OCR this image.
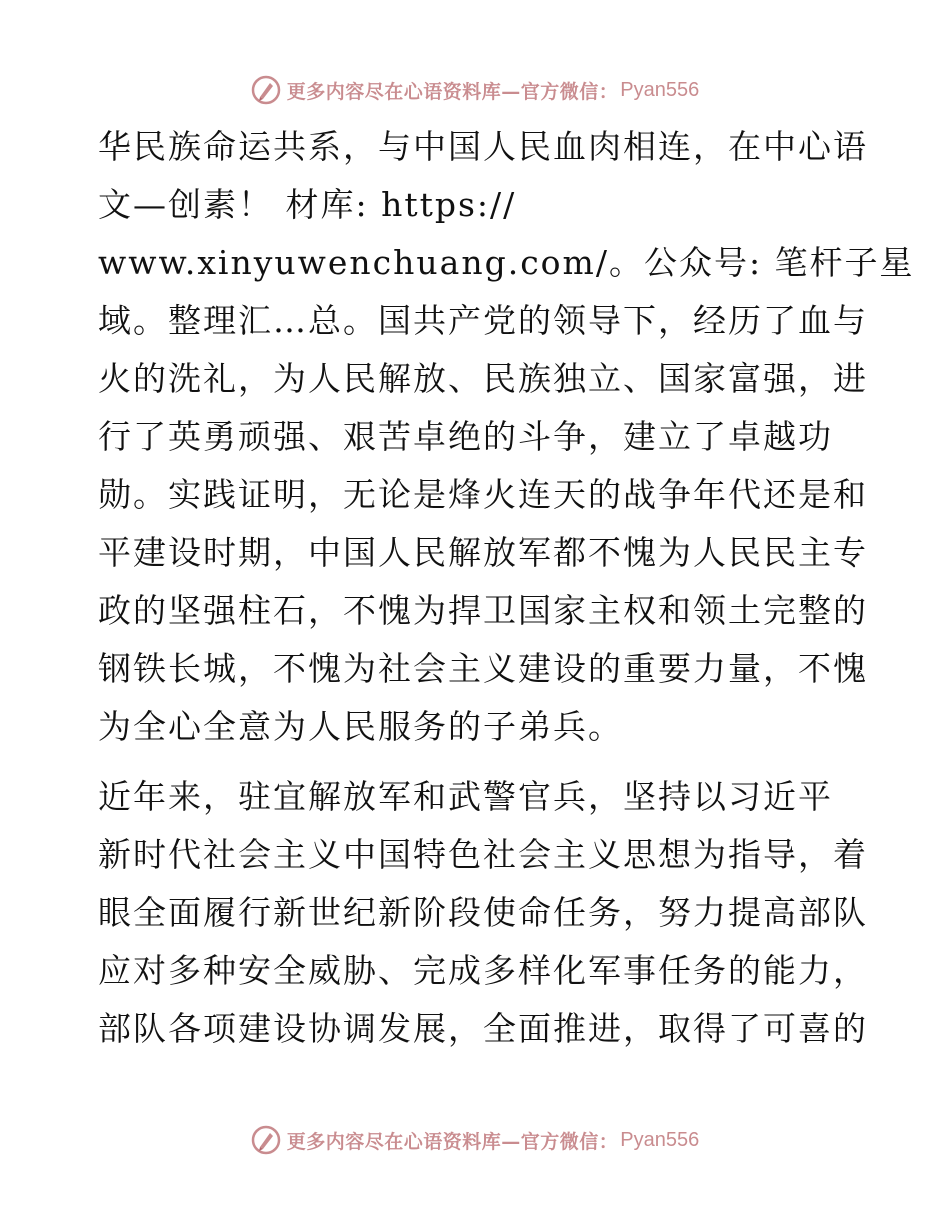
更多内容尽在心语资料库—官方微信： Pyan556
华民族命运共系，与中国人民血肉相连，在中心语
文—创素！ 材库: https://
www.xinyuwenchuang.com/。公众号: 笔杆子星
域。整理汇…总。国共产党的领导下，经历了血与
火的洗礼，为人民解放、民族独立、国家富强，进
行了英勇顽强、艰苦卓绝的斗争，建立了卓越功
勋。实践证明，无论是烽火连天的战争年代还是和
平建设时期，中国人民解放军都不愧为人民民主专
政的坚强柱石，不愧为捍卫国家主权和领土完整的
钢铁长城，不愧为社会主义建设的重要力量，不愧
为全心全意为人民服务的子弟兵。
近年来，驻宜解放军和武警官兵，坚持以习近平
新时代社会主义中国特色社会主义思想为指导，着
眼全面履行新世纪新阶段使命任务，努力提高部队
应对多种安全威胁、完成多样化军事任务的能力，
部队各项建设协调发展，全面推进，取得了可喜的
更多内容尽在心语资料库—官方微信： Pyan556
